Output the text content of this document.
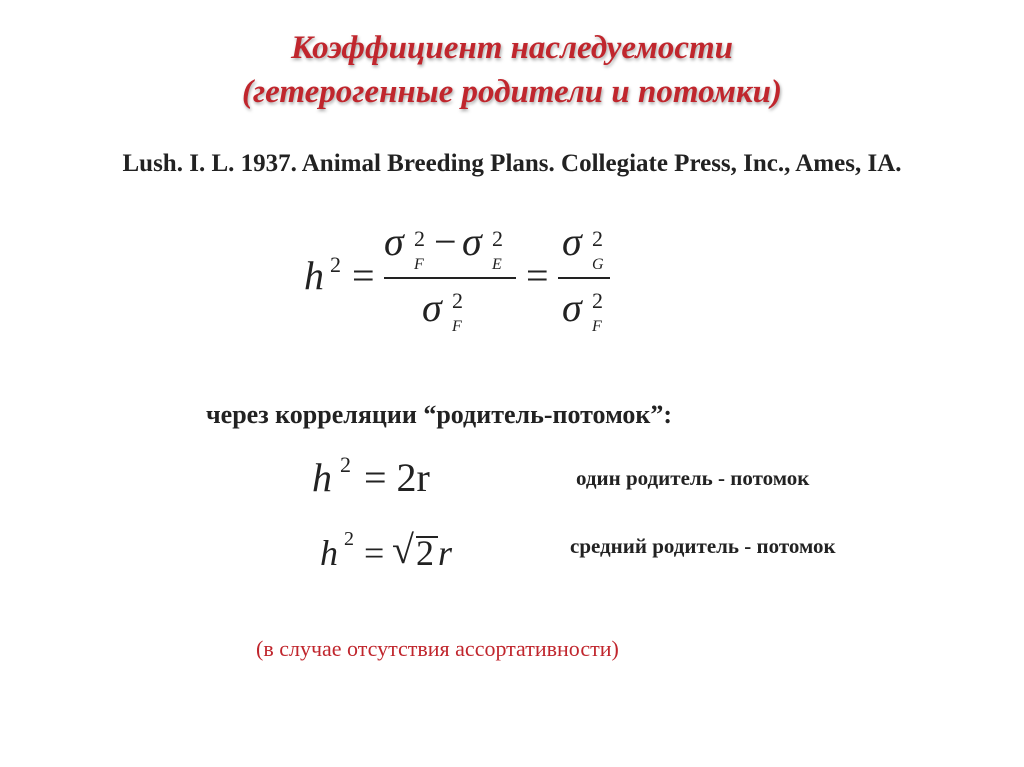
Коэффициент наследуемости
(гетерогенные родители и потомки)
Lush. I. L. 1937. Animal Breeding Plans. Collegiate Press, Inc., Ames, IA.
h 2 =
σ 2
F
− σ 2
E
σ 2
F
=
σ 2
G
σ 2
F
через корреляции “родитель-потомок”:
h 2 = 2r	один родитель - потомок
h 2 = √ 2 r	средний родитель - потомок
(в случае отсутствия ассортативности)
